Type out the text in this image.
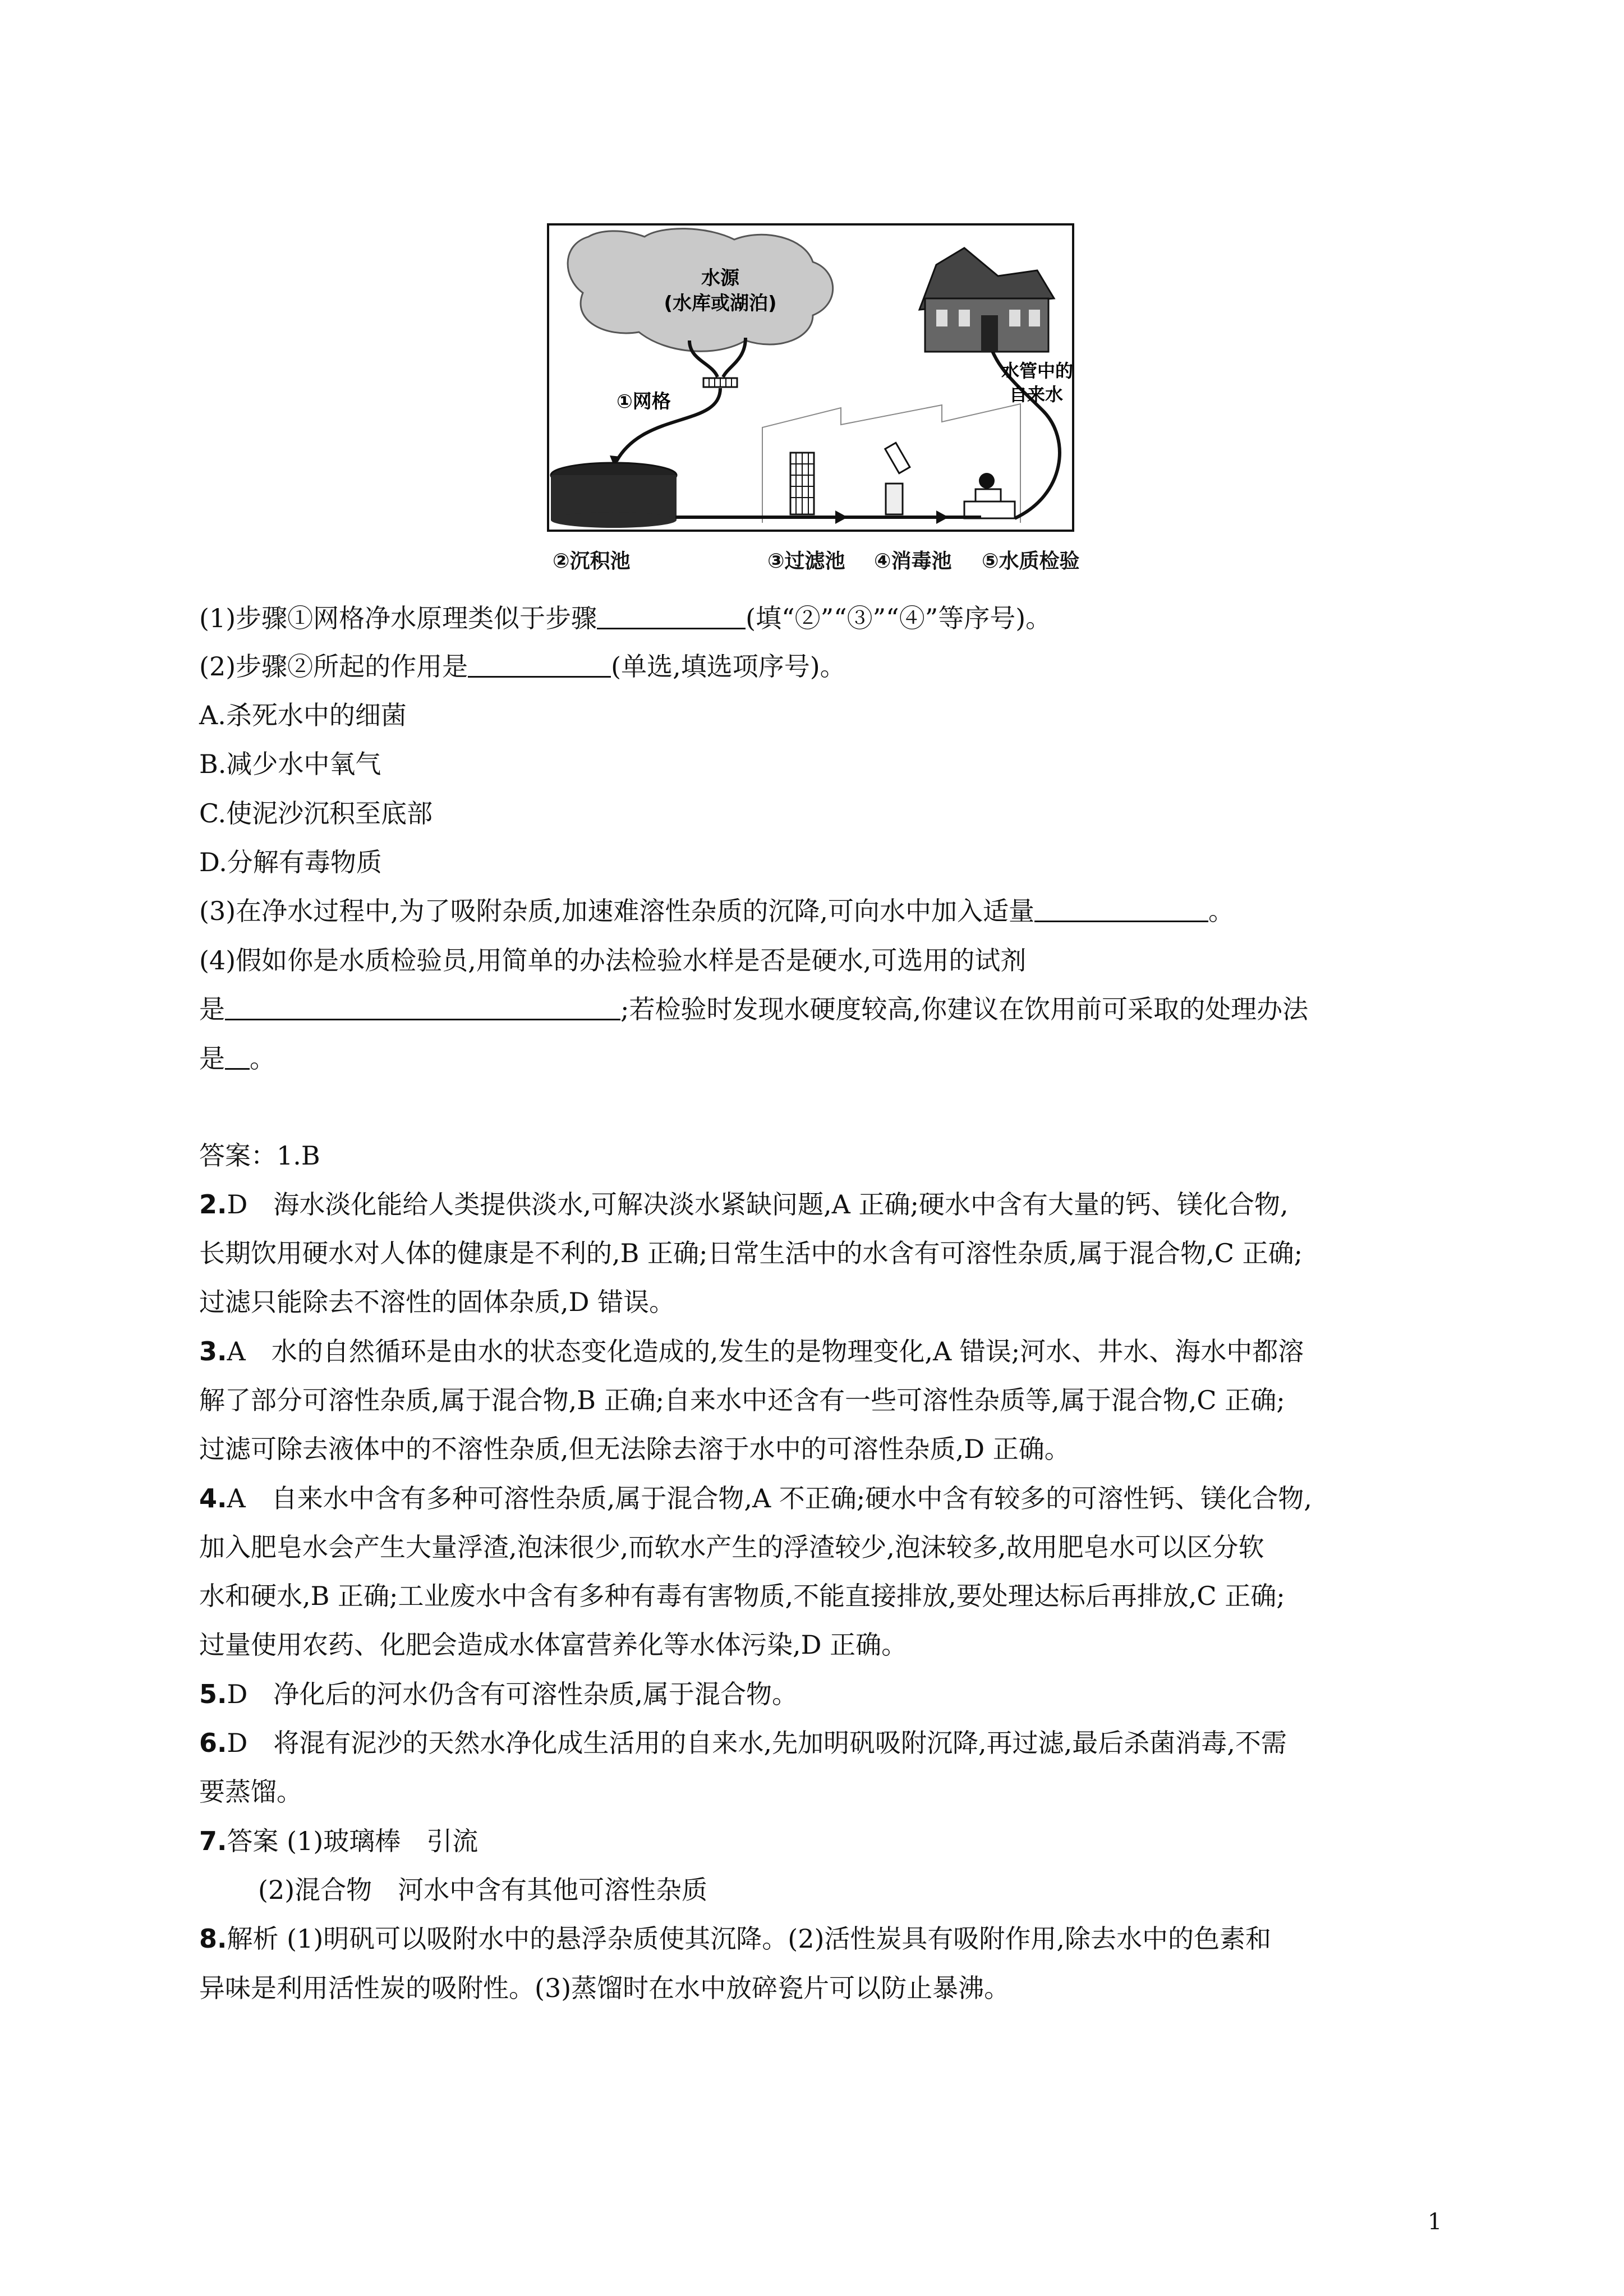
水源
(水库或湖泊)
①网格
水管中的
自来水
②沉积池	③过滤池 ④消毒池 ⑤水质检验
(1)步骤①网格净水原理类似于步骤	(填“②”“③”“④”等序号)。
(2)步骤②所起的作用是	(单选,填选项序号)。
A.杀死水中的细菌
B.减少水中氧气
C.使泥沙沉积至底部
D.分解有毒物质
(3)在净水过程中,为了吸附杂质,加速难溶性杂质的沉降,可向水中加入适量	。
(4)假如你是水质检验员,用简单的办法检验水样是否是硬水,可选用的试剂
是	;若检验时发现水硬度较高,你建议在饮用前可采取的处理办法
是 。
答案：1.B
2.D　海水淡化能给人类提供淡水,可解决淡水紧缺问题,A 正确;硬水中含有大量的钙、镁化合物,
长期饮用硬水对人体的健康是不利的,B 正确;日常生活中的水含有可溶性杂质,属于混合物,C 正确;
过滤只能除去不溶性的固体杂质,D 错误。
3.A　水的自然循环是由水的状态变化造成的,发生的是物理变化,A 错误;河水、井水、海水中都溶
解了部分可溶性杂质,属于混合物,B 正确;自来水中还含有一些可溶性杂质等,属于混合物,C 正确;
过滤可除去液体中的不溶性杂质,但无法除去溶于水中的可溶性杂质,D 正确。
4.A　自来水中含有多种可溶性杂质,属于混合物,A 不正确;硬水中含有较多的可溶性钙、镁化合物,
加入肥皂水会产生大量浮渣,泡沫很少,而软水产生的浮渣较少,泡沫较多,故用肥皂水可以区分软
水和硬水,B 正确;工业废水中含有多种有毒有害物质,不能直接排放,要处理达标后再排放,C 正确;
过量使用农药、化肥会造成水体富营养化等水体污染,D 正确。
5.D　净化后的河水仍含有可溶性杂质,属于混合物。
6.D　将混有泥沙的天然水净化成生活用的自来水,先加明矾吸附沉降,再过滤,最后杀菌消毒,不需
要蒸馏。
7.答案 (1)玻璃棒　引流
(2)混合物　河水中含有其他可溶性杂质
8.解析 (1)明矾可以吸附水中的悬浮杂质使其沉降。(2)活性炭具有吸附作用,除去水中的色素和
异味是利用活性炭的吸附性。(3)蒸馏时在水中放碎瓷片可以防止暴沸。
1
